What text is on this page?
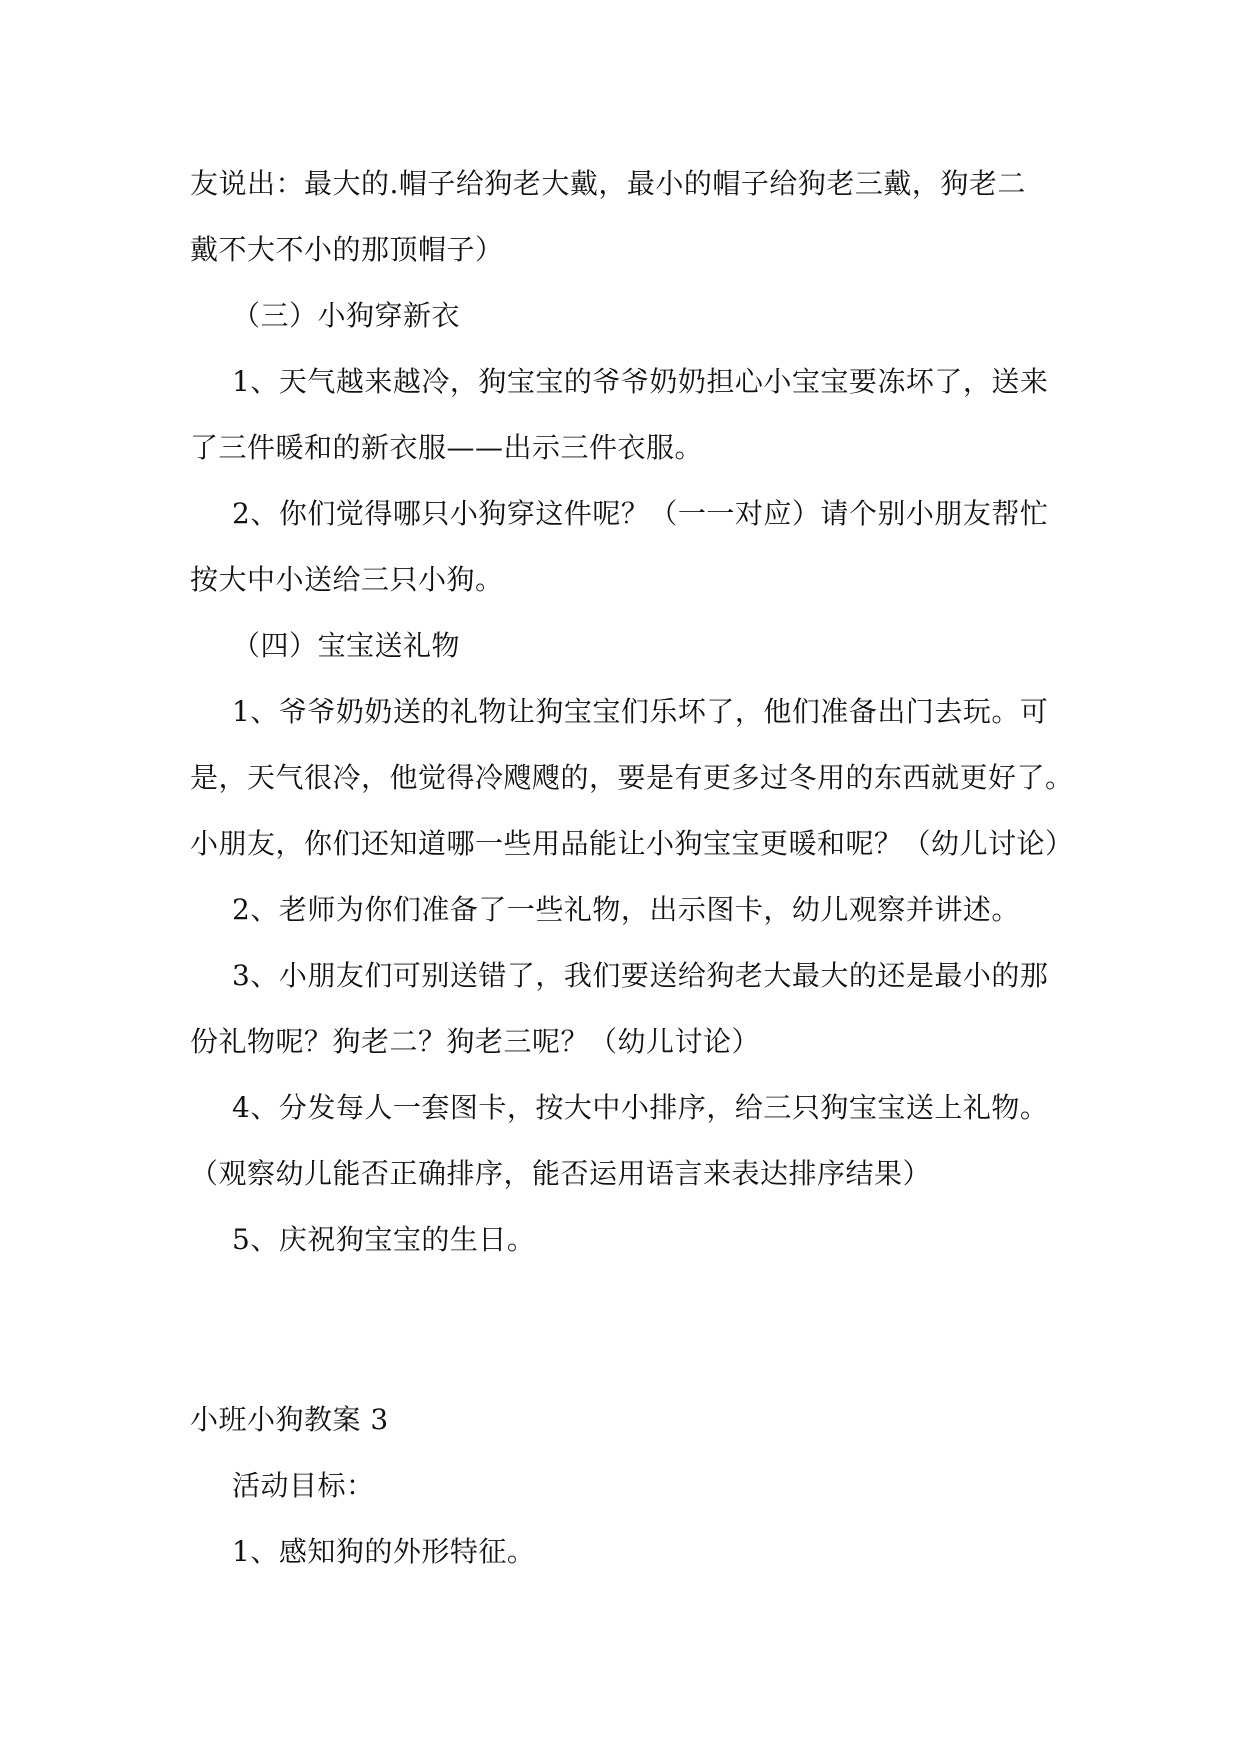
友说出：最大的.帽子给狗老大戴，最小的帽子给狗老三戴，狗老二
戴不大不小的那顶帽子）
（三）小狗穿新衣
1、天气越来越冷，狗宝宝的爷爷奶奶担心小宝宝要冻坏了，送来
了三件暖和的新衣服——出示三件衣服。
2、你们觉得哪只小狗穿这件呢？（一一对应）请个别小朋友帮忙
按大中小送给三只小狗。
（四）宝宝送礼物
1、爷爷奶奶送的礼物让狗宝宝们乐坏了，他们准备出门去玩。可
是，天气很冷，他觉得冷飕飕的，要是有更多过冬用的东西就更好了。
小朋友，你们还知道哪一些用品能让小狗宝宝更暖和呢？（幼儿讨论）
2、老师为你们准备了一些礼物，出示图卡，幼儿观察并讲述。
3、小朋友们可别送错了，我们要送给狗老大最大的还是最小的那
份礼物呢？狗老二？狗老三呢？（幼儿讨论）
4、分发每人一套图卡，按大中小排序，给三只狗宝宝送上礼物。
（观察幼儿能否正确排序，能否运用语言来表达排序结果）
5、庆祝狗宝宝的生日。
小班小狗教案 3
活动目标：
1、感知狗的外形特征。
